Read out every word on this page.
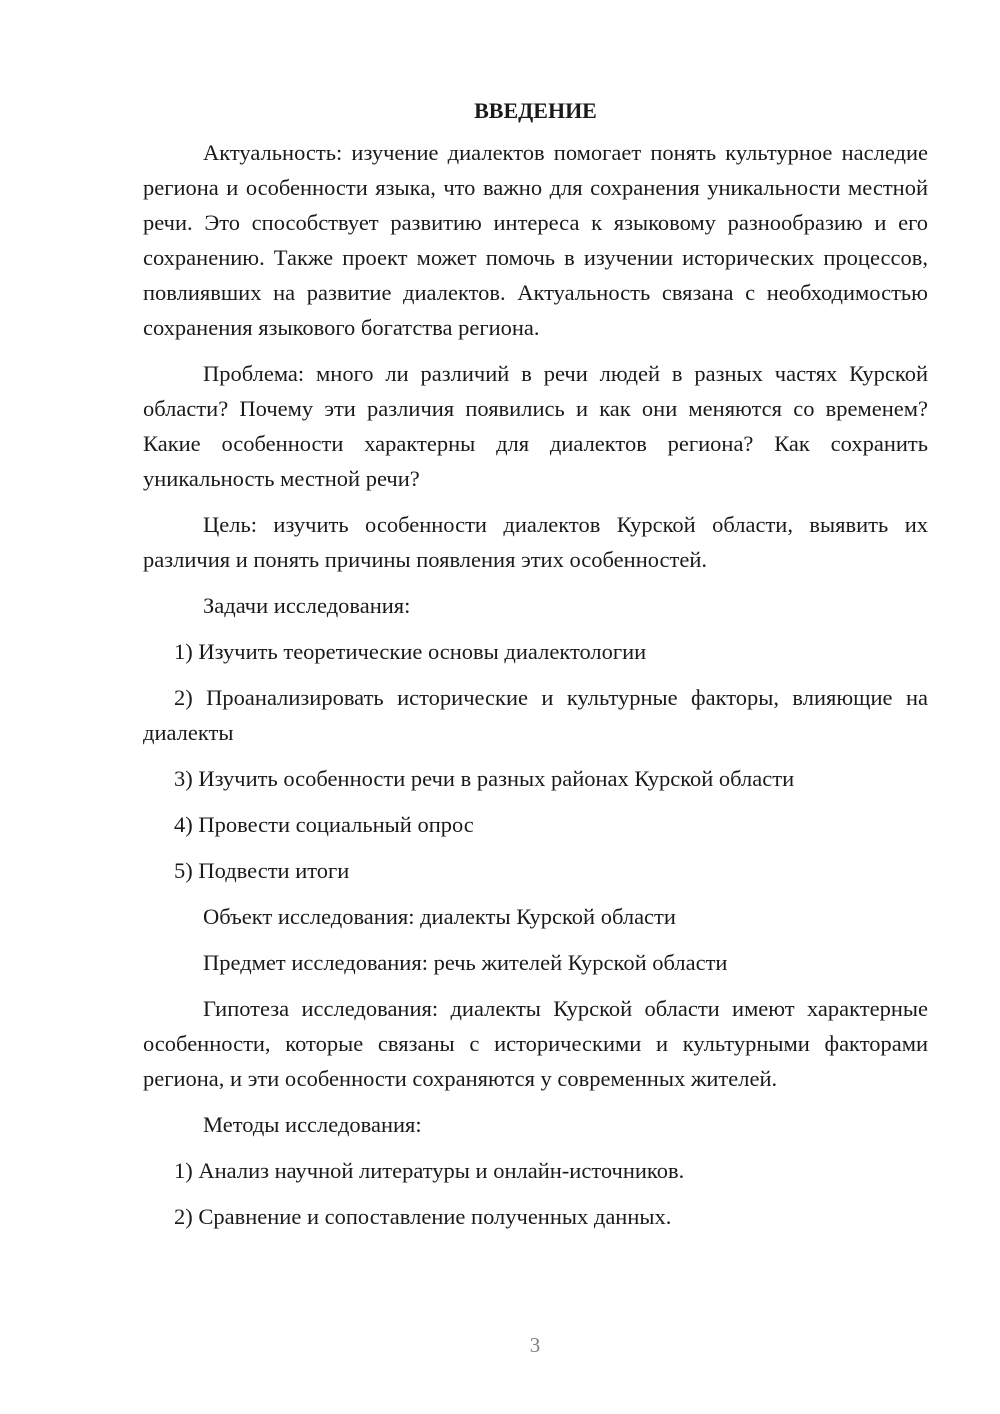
ВВЕДЕНИЕ

Актуальность: изучение диалектов помогает понять культурное наследие региона и особенности языка, что важно для сохранения уникальности местной речи. Это способствует развитию интереса к языковому разнообразию и его сохранению. Также проект может помочь в изучении исторических процессов, повлиявших на развитие диалектов. Актуальность связана с необходимостью сохранения языкового богатства региона.

Проблема: много ли различий в речи людей в разных частях Курской области? Почему эти различия появились и как они меняются со временем? Какие особенности характерны для диалектов региона? Как сохранить уникальность местной речи?

Цель: изучить особенности диалектов Курской области, выявить их различия и понять причины появления этих особенностей.

Задачи исследования:

1) Изучить теоретические основы диалектологии

2) Проанализировать исторические и культурные факторы, влияющие на диалекты

3) Изучить особенности речи в разных районах Курской области

4) Провести социальный опрос

5) Подвести итоги

Объект исследования: диалекты Курской области

Предмет исследования: речь жителей Курской области

Гипотеза исследования: диалекты Курской области имеют характерные особенности, которые связаны с историческими и культурными факторами региона, и эти особенности сохраняются у современных жителей.

Методы исследования:

1) Анализ научной литературы и онлайн-источников.

2) Сравнение и сопоставление полученных данных.

3
